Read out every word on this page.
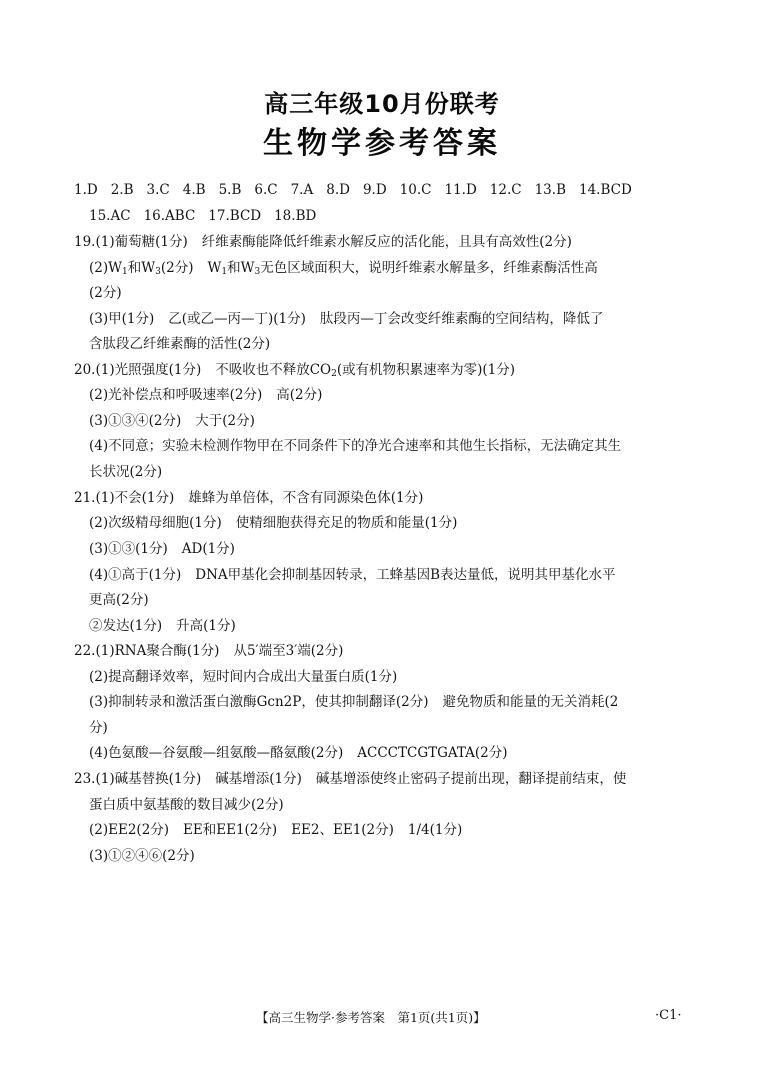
高三年级10月份联考
生物学参考答案
1.D 2.B 3.C 4.B 5.B 6.C 7.A 8.D 9.D 10.C 11.D 12.C 13.B 14.BCD
15.AC 16.ABC 17.BCD 18.BD
19.(1)葡萄糖(1分) 纤维素酶能降低纤维素水解反应的活化能，且具有高效性(2分)
$(2)W_1$和$W_3(2$分) $W_1$和$W_3$无色区域面积大，说明纤维素水解量多，纤维素酶活性高
(2分)
(3)甲(1分) 乙(或乙—丙—丁)(1分) 肽段丙—丁会改变纤维素酶的空间结构，降低了
含肽段乙纤维素酶的活性(2分)
20.(1)光照强度(1分) 不吸收也不释放$CO_2$(或有机物积累速率为零)(1分)
(2)光补偿点和呼吸速率(2分) 高(2分)
(3)①③④(2分) 大于(2分)
(4)不同意；实验未检测作物甲在不同条件下的净光合速率和其他生长指标，无法确定其生
长状况(2分)
21.(1)不会(1分) 雄蜂为单倍体，不含有同源染色体(1分)
(2)次级精母细胞(1分) 使精细胞获得充足的物质和能量(1分)
(3)①③(1分) AD(1分)
(4)①高于(1分) DNA甲基化会抑制基因转录，工蜂基因B表达量低，说明其甲基化水平
更高(2分)
②发达(1分) 升高(1分)
22.(1)RNA聚合酶(1分) 从5′端至3′端(2分)
(2)提高翻译效率，短时间内合成出大量蛋白质(1分)
(3)抑制转录和激活蛋白激酶Gcn2P，使其抑制翻译(2分) 避免物质和能量的无关消耗(2
分)
(4)色氨酸—谷氨酸—组氨酸—酪氨酸(2分) ACCCTCGTGATA(2分)
23.(1)碱基替换(1分) 碱基增添(1分) 碱基增添使终止密码子提前出现，翻译提前结束，使
蛋白质中氨基酸的数目减少(2分)
(2)EE2(2分) EE和EE1(2分) EE2、EE1(2分) 1/4(1分)
(3)①②④⑥(2分)
【高三生物学·参考答案　第1页(共1页)】	·C1·
